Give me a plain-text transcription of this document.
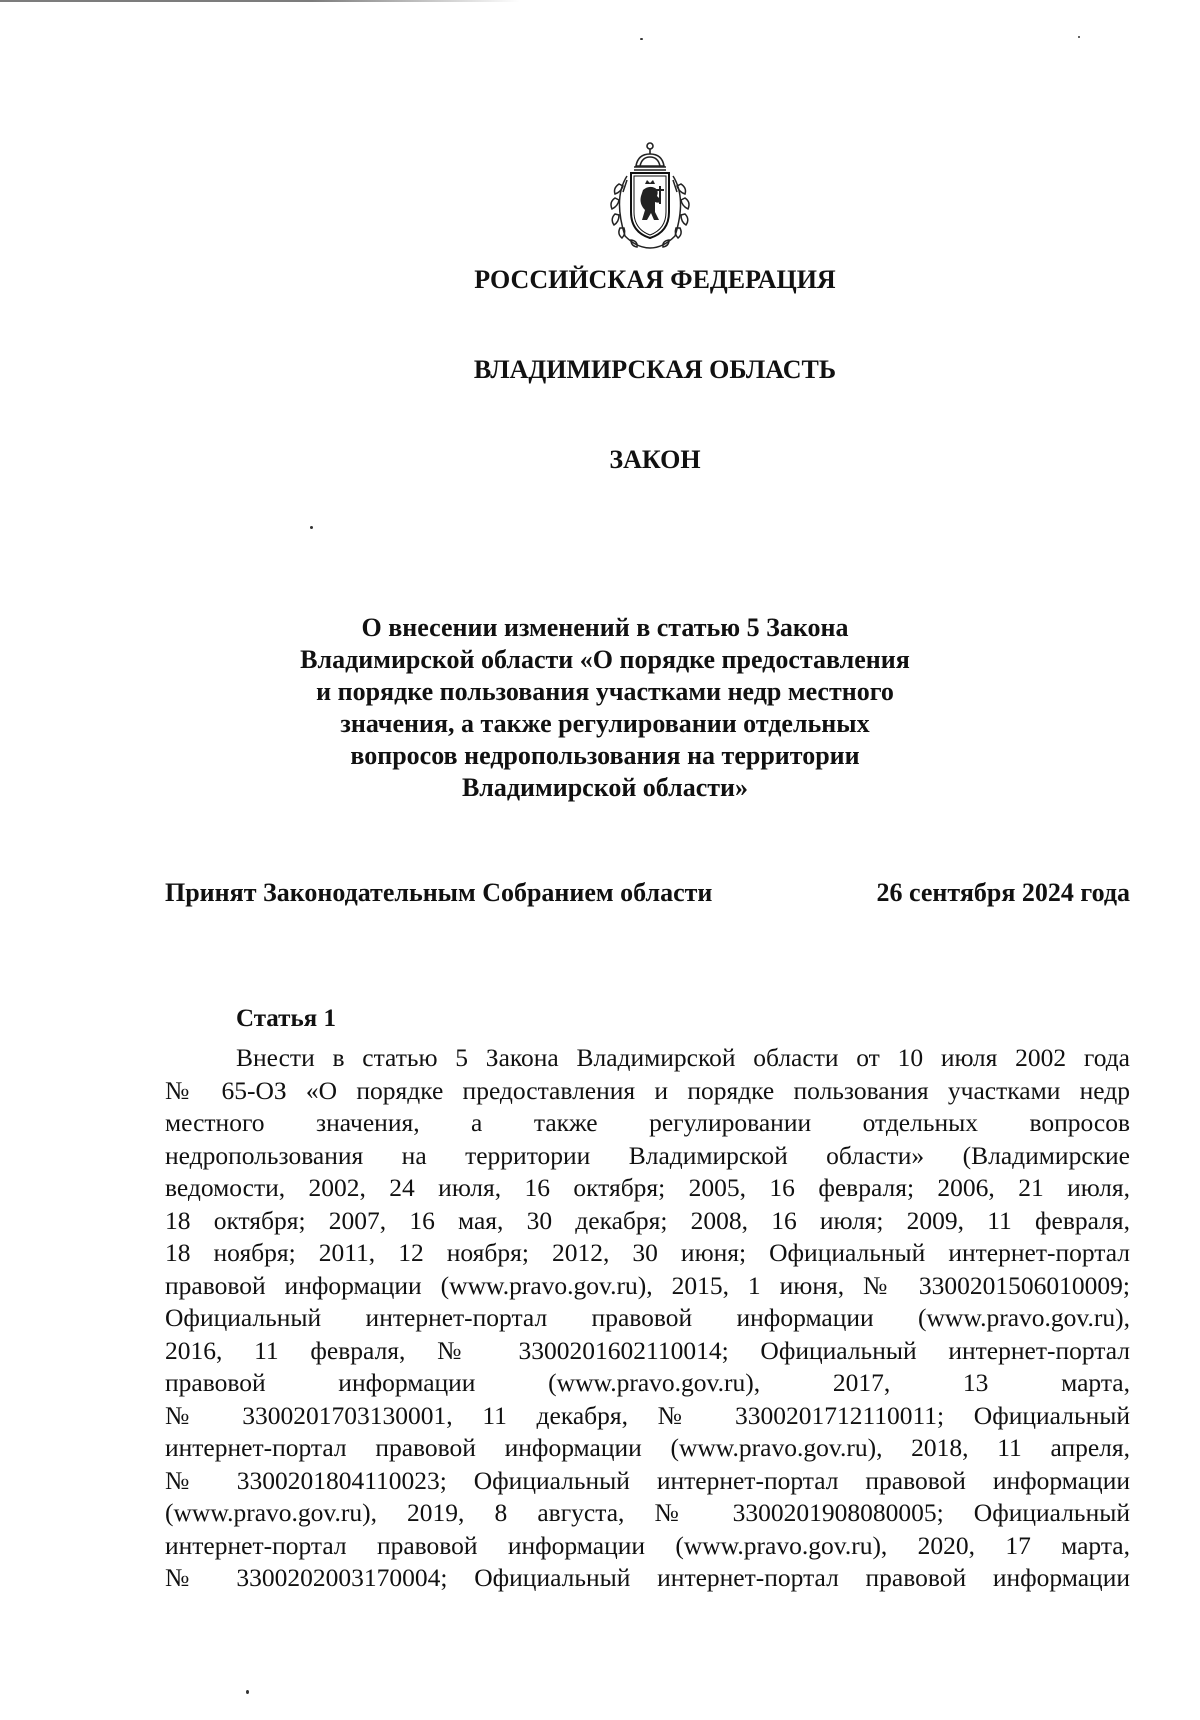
РОССИЙСКАЯ ФЕДЕРАЦИЯ

ВЛАДИМИРСКАЯ ОБЛАСТЬ

ЗАКОН

О внесении изменений в статью 5 Закона
Владимирской области «О порядке предоставления
и порядке пользования участками недр местного
значения, а также регулировании отдельных
вопросов недропользования на территории
Владимирской области»
Принят Законодательным Собранием области	26 сентября 2024 года

Статья 1

Внести в статью 5 Закона Владимирской области от 10 июля 2002 года
№ 65-ОЗ «О порядке предоставления и порядке пользования участками недр
местного значения, а также регулировании отдельных вопросов
недропользования на территории Владимирской области» (Владимирские
ведомости, 2002, 24 июля, 16 октября; 2005, 16 февраля; 2006, 21 июля,
18 октября; 2007, 16 мая, 30 декабря; 2008, 16 июля; 2009, 11 февраля,
18 ноября; 2011, 12 ноября; 2012, 30 июня; Официальный интернет-портал
правовой информации (www.pravo.gov.ru), 2015, 1 июня, № 3300201506010009;
Официальный интернет-портал правовой информации (www.pravo.gov.ru),
2016, 11 февраля, № 3300201602110014; Официальный интернет-портал
правовой информации (www.pravo.gov.ru), 2017, 13 марта,
№ 3300201703130001, 11 декабря, № 3300201712110011; Официальный
интернет-портал правовой информации (www.pravo.gov.ru), 2018, 11 апреля,
№ 3300201804110023; Официальный интернет-портал правовой информации
(www.pravo.gov.ru), 2019, 8 августа, № 3300201908080005; Официальный
интернет-портал правовой информации (www.pravo.gov.ru), 2020, 17 марта,
№ 3300202003170004; Официальный интернет-портал правовой информации
